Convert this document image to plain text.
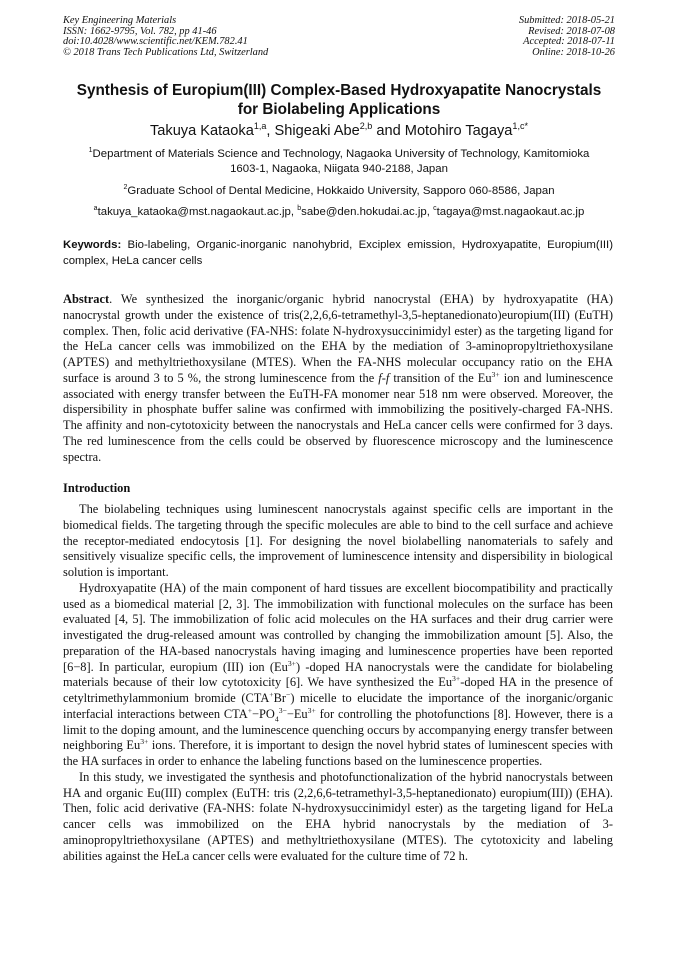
Key Engineering Materials
ISSN: 1662-9795, Vol. 782, pp 41-46
doi:10.4028/www.scientific.net/KEM.782.41
© 2018 Trans Tech Publications Ltd, Switzerland
Submitted: 2018-05-21
Revised: 2018-07-08
Accepted: 2018-07-11
Online: 2018-10-26
Synthesis of Europium(III) Complex-Based Hydroxyapatite Nanocrystals
for Biolabeling Applications
Takuya Kataoka$^{1,a}$, Shigeaki Abe$^{2,b}$ and Motohiro Tagaya$^{1,c*}$
$^1$Department of Materials Science and Technology, Nagaoka University of Technology, Kamitomioka
1603-1, Nagaoka, Niigata 940-2188, Japan
$^2$Graduate School of Dental Medicine, Hokkaido University, Sapporo 060-8586, Japan
$^a$takuya_kataoka@mst.nagaokaut.ac.jp, $^b$sabe@den.hokudai.ac.jp, $^c$tagaya@mst.nagaokaut.ac.jp
Keywords: Bio-labeling, Organic-inorganic nanohybrid, Exciplex emission, Hydroxyapatite, Europium(III) complex, HeLa cancer cells
Abstract. We synthesized the inorganic/organic hybrid nanocrystal (EHA) by hydroxyapatite (HA) nanocrystal growth under the existence of tris(2,2,6,6-tetramethyl-3,5-heptanedionato)europium(III) (EuTH) complex. Then, folic acid derivative (FA-NHS: folate N-hydroxysuccinimidyl ester) as the targeting ligand for the HeLa cancer cells was immobilized on the EHA by the mediation of 3-aminopropyltriethoxysilane (APTES) and methyltriethoxysilane (MTES). When the FA-NHS molecular occupancy ratio on the EHA surface is around 3 to 5 %, the strong luminescence from the f-f transition of the $Eu^{3+}$ ion and luminescence associated with energy transfer between the EuTH-FA monomer near 518 nm were observed. Moreover, the dispersibility in phosphate buffer saline was confirmed with immobilizing the positively-charged FA-NHS. The affinity and non-cytotoxicity between the nanocrystals and HeLa cancer cells were confirmed for 3 days. The red luminescence from the cells could be observed by fluorescence microscopy and the luminescence spectra.
Introduction

The biolabeling techniques using luminescent nanocrystals against specific cells are important in the biomedical fields. The targeting through the specific molecules are able to bind to the cell surface and achieve the receptor-mediated endocytosis [1]. For designing the novel biolabelling nanomaterials to safely and sensitively visualize specific cells, the improvement of luminescence intensity and dispersibility in biological solution is important.

Hydroxyapatite (HA) of the main component of hard tissues are excellent biocompatibility and practically used as a biomedical material [2, 3]. The immobilization with functional molecules on the surface has been evaluated [4, 5]. The immobilization of folic acid molecules on the HA surfaces and their drug carrier were investigated the drug-released amount was controlled by changing the immobilization amount [5]. Also, the preparation of the HA-based nanocrystals having imaging and luminescence properties have been reported [6−8]. In particular, europium (III) ion $(Eu^{3+})$ -doped HA nanocrystals were the candidate for biolabeling materials because of their low cytotoxicity [6]. We have synthesized the $Eu^{3+}$-doped HA in the presence of cetyltrimethylammonium bromide (CTA+Br−) micelle to elucidate the importance of the inorganic/organic interfacial interactions between $CTA^+-PO_4^{3-}-Eu^{3+}$ for controlling the photofunctions [8]. However, there is a limit to the doping amount, and the luminescence quenching occurs by accompanying energy transfer between neighboring $Eu^{3+}$ ions. Therefore, it is important to design the novel hybrid states of luminescent species with the HA surfaces in order to enhance the labeling functions based on the luminescence properties.

In this study, we investigated the synthesis and photofunctionalization of the hybrid nanocrystals between HA and organic Eu(III) complex (EuTH: tris (2,2,6,6-tetramethyl-3,5-heptanedionato) europium(III)) (EHA). Then, folic acid derivative (FA-NHS: folate N-hydroxysuccinimidyl ester) as the targeting ligand for HeLa cancer cells was immobilized on the EHA hybrid nanocrystals by the mediation of 3-aminopropyltriethoxysilane (APTES) and methyltriethoxysilane (MTES). The cytotoxicity and labeling abilities against the HeLa cancer cells were evaluated for the culture time of 72 h.
